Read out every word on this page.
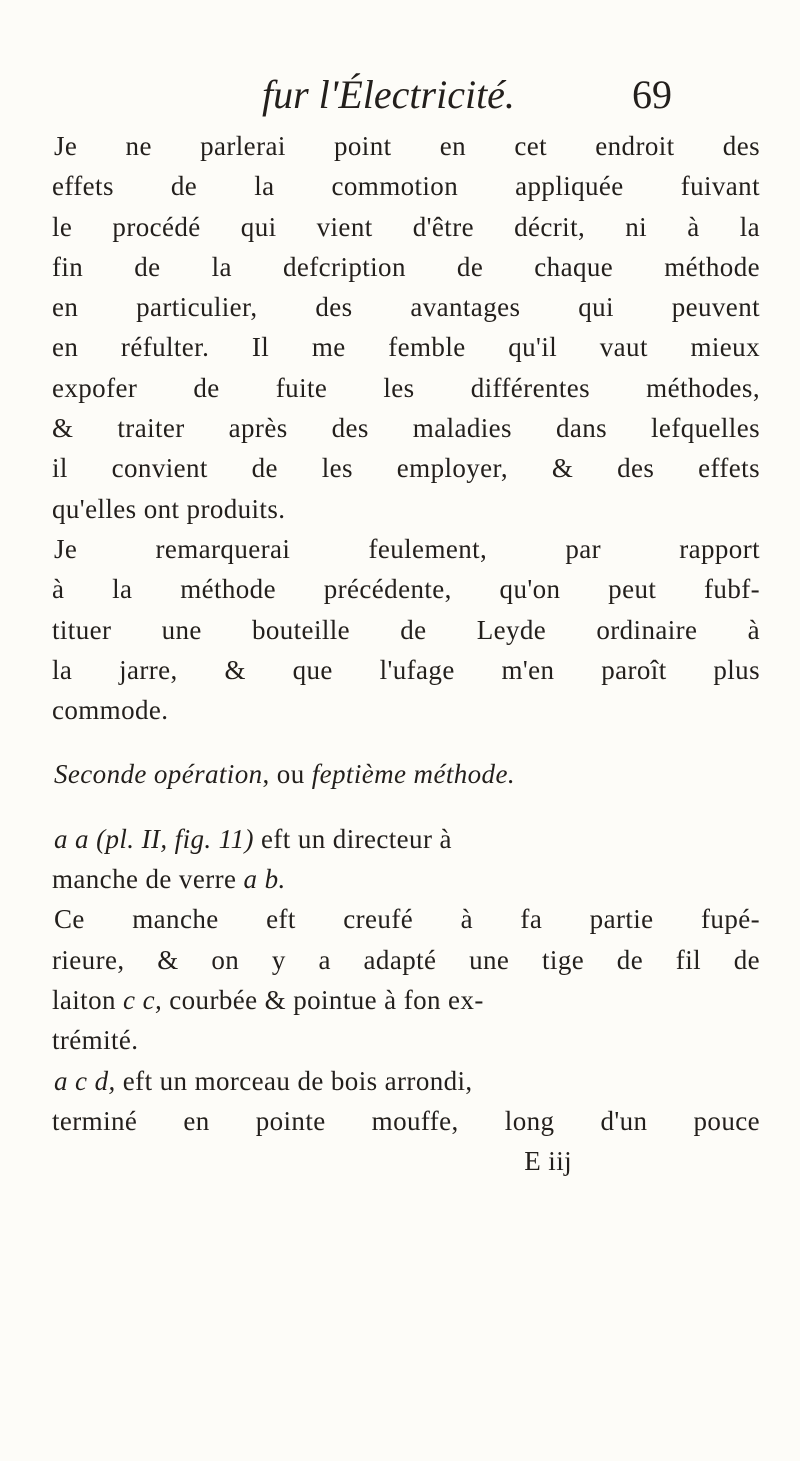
fur l'Électricité.	69
Je ne parlerai point en cet endroit des
effets de la commotion appliquée fuivant
le procédé qui vient d'être décrit, ni à la
fin de la defcription de chaque méthode
en particulier, des avantages qui peuvent
en réfulter. Il me femble qu'il vaut mieux
expofer de fuite les différentes méthodes,
& traiter après des maladies dans lefquelles
il convient de les employer, & des effets
qu'elles ont produits.
Je remarquerai feulement, par rapport
à la méthode précédente, qu'on peut fubf-
tituer une bouteille de Leyde ordinaire à
la jarre, & que l'ufage m'en paroît plus
commode.
Seconde opération, ou feptième méthode.
a a (pl. II, fig. 11) eft un directeur à
manche de verre a b.
Ce manche eft creufé à fa partie fupé-
rieure, & on y a adapté une tige de fil de
laiton c c, courbée & pointue à fon ex-
trémité.
a c d, eft un morceau de bois arrondi,
terminé en pointe mouffe, long d'un pouce
E iij
